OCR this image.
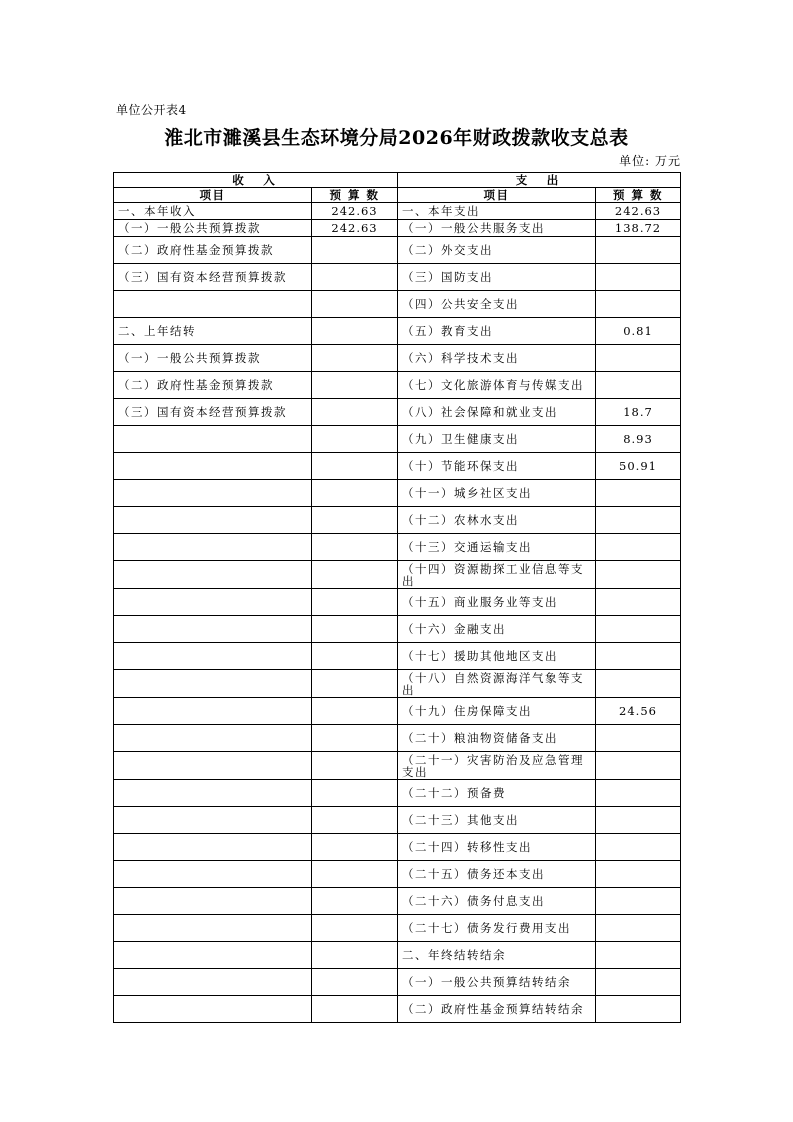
单位公开表4
淮北市濉溪县生态环境分局2026年财政拨款收支总表
单位: 万元
收　入		支　出	
项目	预 算 数	项目	预 算 数
一、本年收入	242.63	一、本年支出	242.63
（一）一般公共预算拨款	242.63	（一）一般公共服务支出	138.72
（二）政府性基金预算拨款		（二）外交支出	
（三）国有资本经营预算拨款		（三）国防支出	
		（四）公共安全支出	
二、上年结转		（五）教育支出	0.81
（一）一般公共预算拨款		（六）科学技术支出	
（二）政府性基金预算拨款		（七）文化旅游体育与传媒支出	
（三）国有资本经营预算拨款		（八）社会保障和就业支出	18.7
		（九）卫生健康支出	8.93
		（十）节能环保支出	50.91
		（十一）城乡社区支出	
		（十二）农林水支出	
		（十三）交通运输支出	
		（十四）资源勘探工业信息等支出	
		（十五）商业服务业等支出	
		（十六）金融支出	
		（十七）援助其他地区支出	
		（十八）自然资源海洋气象等支出	
		（十九）住房保障支出	24.56
		（二十）粮油物资储备支出	
		（二十一）灾害防治及应急管理支出	
		（二十二）预备费	
		（二十三）其他支出	
		（二十四）转移性支出	
		（二十五）债务还本支出	
		（二十六）债务付息支出	
		（二十七）债务发行费用支出	
		二、年终结转结余	
		（一）一般公共预算结转结余	
		（二）政府性基金预算结转结余	
